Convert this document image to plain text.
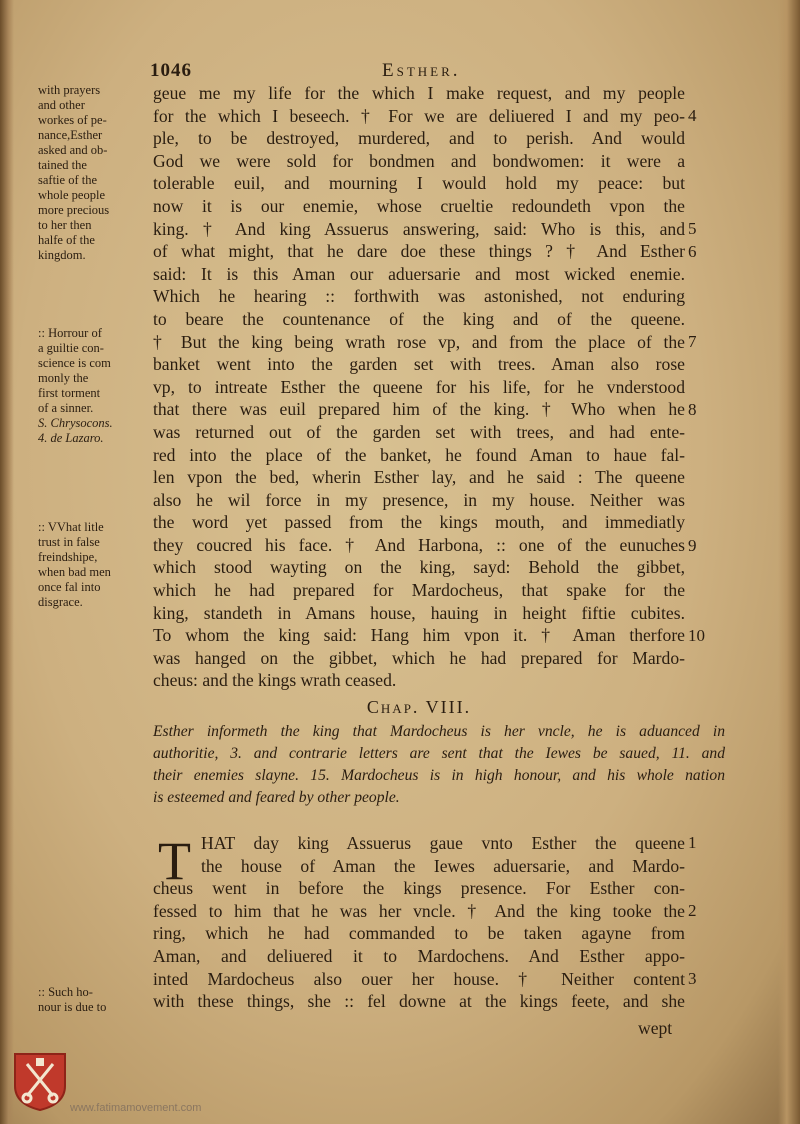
1046	Esther.
with prayers
and other
workes of pe-
nance,Esther
asked and ob-
tained the
saftie of the
whole people
more precious
to her then
halfe of the
kingdom.
:: Horrour of
a guiltie con-
science is com
monly the
first torment
of a sinner.
S. Chrysocons.
4. de Lazaro.
:: VVhat litle
trust in false
freindshipe,
when bad men
once fal into
disgrace.
:: Such ho-
nour is due to
geue me my life for the which I make request, and my people
for the which I beseech. † For we are deliuered I and my peo-
ple, to be destroyed, murdered, and to perish. And would
God we were sold for bondmen and bondwomen: it were a
tolerable euil, and mourning I would hold my peace: but
now it is our enemie, whose crueltie redoundeth vpon the
king. † And king Assuerus answering, said: Who is this, and
of what might, that he dare doe these things ? † And Esther
said: It is this Aman our aduersarie and most wicked enemie.
Which he hearing :: forthwith was astonished, not enduring
to beare the countenance of the king and of the queene.
† But the king being wrath rose vp, and from the place of the
banket went into the garden set with trees. Aman also rose
vp, to intreate Esther the queene for his life, for he vnderstood
that there was euil prepared him of the king. † Who when he
was returned out of the garden set with trees, and had ente-
red into the place of the banket, he found Aman to haue fal-
len vpon the bed, wherin Esther lay, and he said : The queene
also he wil force in my presence, in my house. Neither was
the word yet passed from the kings mouth, and immediatly
they coucred his face. † And Harbona, :: one of the eunuches
which stood wayting on the king, sayd: Behold the gibbet,
which he had prepared for Mardocheus, that spake for the
king, standeth in Amans house, hauing in height fiftie cubites.
To whom the king said: Hang him vpon it. † Aman therfore
was hanged on the gibbet, which he had prepared for Mardo-
cheus: and the kings wrath ceased.
4
5
6
7
8
9
10
1
2
3
Chap. VIII.
Esther informeth the king that Mardocheus is her vncle, he is aduanced in
authoritie, 3. and contrarie letters are sent that the Iewes be saued, 11. and
their enemies slayne. 15. Mardocheus is in high honour, and his whole nation
is esteemed and feared by other people.
T HAT day king Assuerus gaue vnto Esther the queene
the house of Aman the Iewes aduersarie, and Mardo-
cheus went in before the kings presence. For Esther con-
fessed to him that he was her vncle. † And the king tooke the
ring, which he had commanded to be taken agayne from
Aman, and deliuered it to Mardochens. And Esther appo-
inted Mardocheus also ouer her house. † Neither content
with these things, she :: fel downe at the kings feete, and she
wept
www.fatimamovement.com
